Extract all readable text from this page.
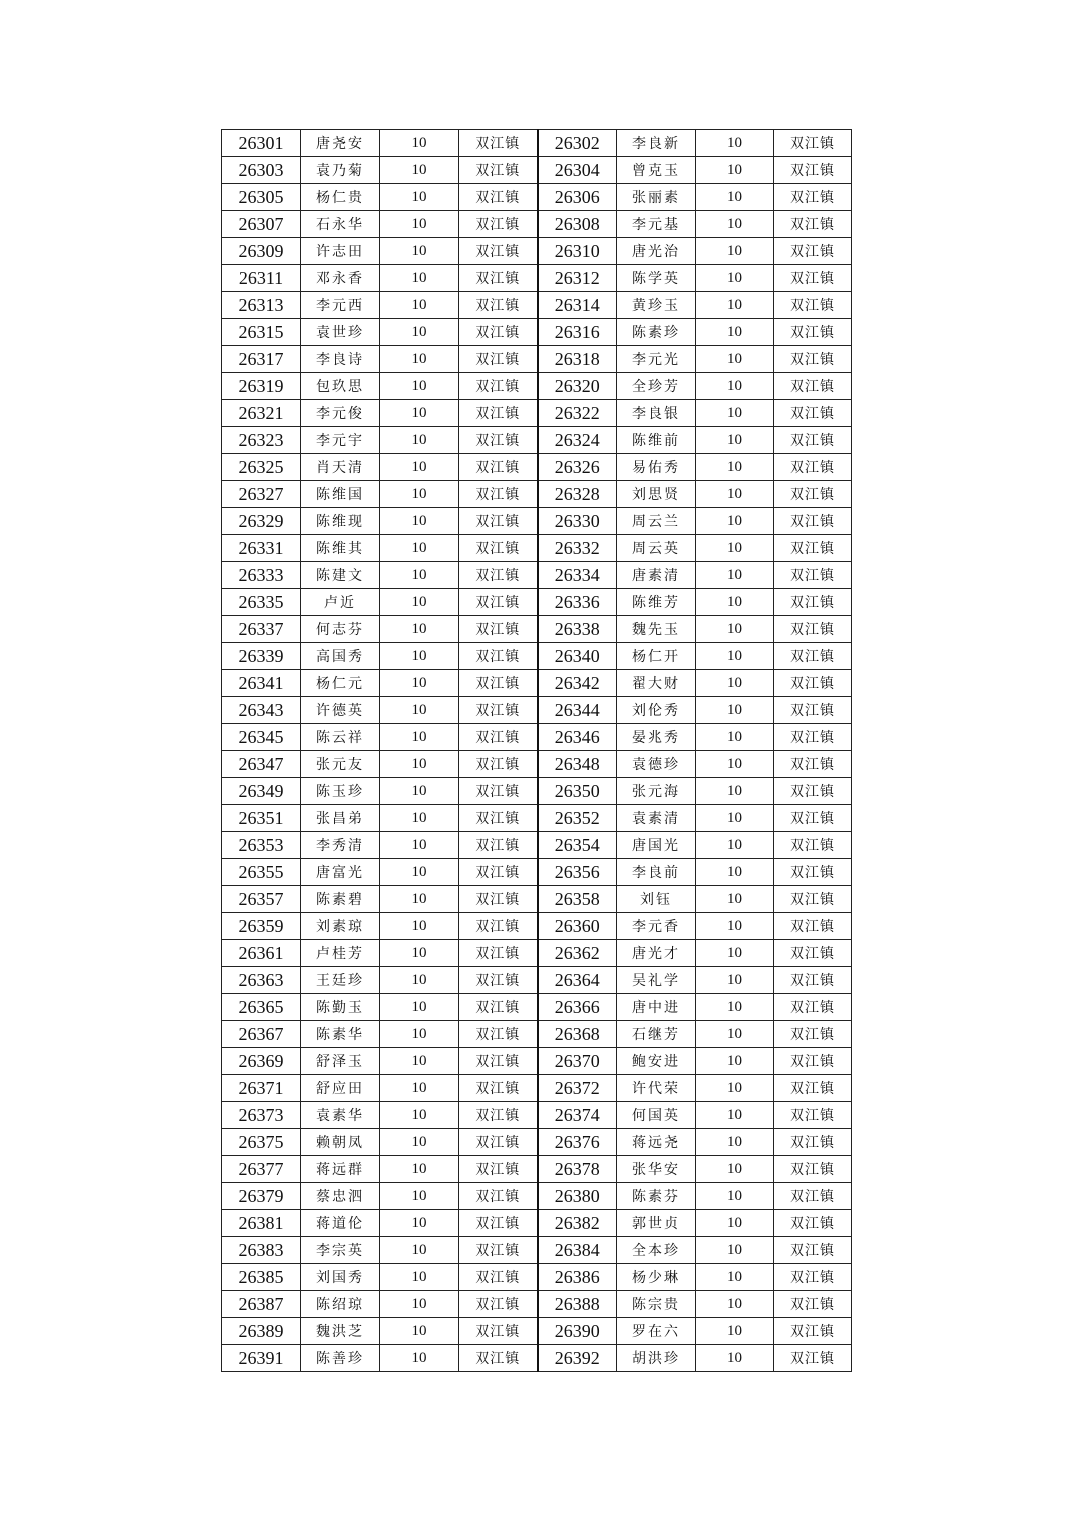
26301	唐尧安	10	双江镇	26302	李良新	10	双江镇
26303	袁乃菊	10	双江镇	26304	曾克玉	10	双江镇
26305	杨仁贵	10	双江镇	26306	张丽素	10	双江镇
26307	石永华	10	双江镇	26308	李元基	10	双江镇
26309	许志田	10	双江镇	26310	唐光治	10	双江镇
26311	邓永香	10	双江镇	26312	陈学英	10	双江镇
26313	李元西	10	双江镇	26314	黄珍玉	10	双江镇
26315	袁世珍	10	双江镇	26316	陈素珍	10	双江镇
26317	李良诗	10	双江镇	26318	李元光	10	双江镇
26319	包玖思	10	双江镇	26320	全珍芳	10	双江镇
26321	李元俊	10	双江镇	26322	李良银	10	双江镇
26323	李元宇	10	双江镇	26324	陈维前	10	双江镇
26325	肖天清	10	双江镇	26326	易佑秀	10	双江镇
26327	陈维国	10	双江镇	26328	刘思贤	10	双江镇
26329	陈维现	10	双江镇	26330	周云兰	10	双江镇
26331	陈维其	10	双江镇	26332	周云英	10	双江镇
26333	陈建文	10	双江镇	26334	唐素清	10	双江镇
26335	卢近	10	双江镇	26336	陈维芳	10	双江镇
26337	何志芬	10	双江镇	26338	魏先玉	10	双江镇
26339	高国秀	10	双江镇	26340	杨仁开	10	双江镇
26341	杨仁元	10	双江镇	26342	翟大财	10	双江镇
26343	许德英	10	双江镇	26344	刘伦秀	10	双江镇
26345	陈云祥	10	双江镇	26346	晏兆秀	10	双江镇
26347	张元友	10	双江镇	26348	袁德珍	10	双江镇
26349	陈玉珍	10	双江镇	26350	张元海	10	双江镇
26351	张昌弟	10	双江镇	26352	袁素清	10	双江镇
26353	李秀清	10	双江镇	26354	唐国光	10	双江镇
26355	唐富光	10	双江镇	26356	李良前	10	双江镇
26357	陈素碧	10	双江镇	26358	刘钰	10	双江镇
26359	刘素琼	10	双江镇	26360	李元香	10	双江镇
26361	卢桂芳	10	双江镇	26362	唐光才	10	双江镇
26363	王廷珍	10	双江镇	26364	吴礼学	10	双江镇
26365	陈勤玉	10	双江镇	26366	唐中进	10	双江镇
26367	陈素华	10	双江镇	26368	石继芳	10	双江镇
26369	舒泽玉	10	双江镇	26370	鲍安进	10	双江镇
26371	舒应田	10	双江镇	26372	许代荣	10	双江镇
26373	袁素华	10	双江镇	26374	何国英	10	双江镇
26375	赖朝凤	10	双江镇	26376	蒋远尧	10	双江镇
26377	蒋远群	10	双江镇	26378	张华安	10	双江镇
26379	蔡忠泗	10	双江镇	26380	陈素芬	10	双江镇
26381	蒋道伦	10	双江镇	26382	郭世贞	10	双江镇
26383	李宗英	10	双江镇	26384	全本珍	10	双江镇
26385	刘国秀	10	双江镇	26386	杨少琳	10	双江镇
26387	陈绍琼	10	双江镇	26388	陈宗贵	10	双江镇
26389	魏洪芝	10	双江镇	26390	罗在六	10	双江镇
26391	陈善珍	10	双江镇	26392	胡洪珍	10	双江镇
